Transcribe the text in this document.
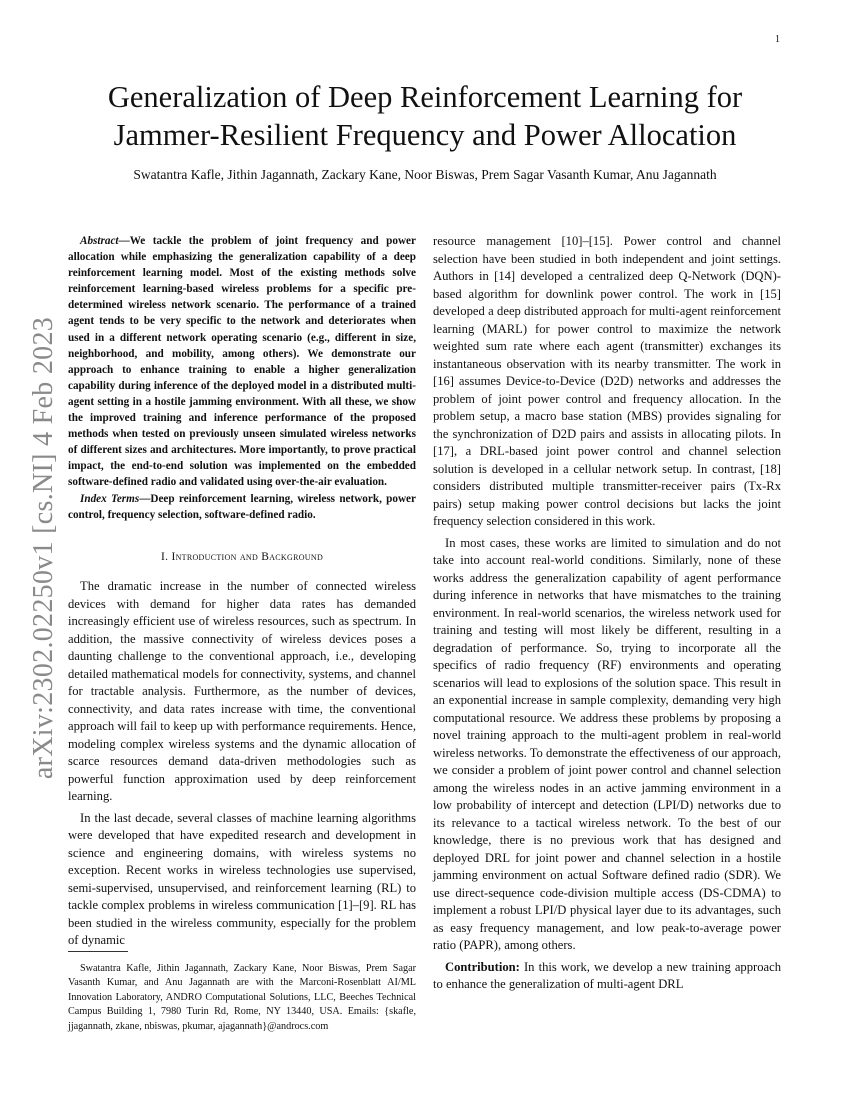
1
arXiv:2302.02250v1 [cs.NI] 4 Feb 2023
Generalization of Deep Reinforcement Learning for
Jammer-Resilient Frequency and Power Allocation
Swatantra Kafle, Jithin Jagannath, Zackary Kane, Noor Biswas, Prem Sagar Vasanth Kumar, Anu Jagannath

Abstract—We tackle the problem of joint frequency and power allocation while emphasizing the generalization capability of a deep reinforcement learning model. Most of the existing methods solve reinforcement learning-based wireless problems for a specific pre-determined wireless network scenario. The performance of a trained agent tends to be very specific to the network and deteriorates when used in a different network operating scenario (e.g., different in size, neighborhood, and mobility, among others). We demonstrate our approach to enhance training to enable a higher generalization capability during inference of the deployed model in a distributed multi-agent setting in a hostile jamming environment. With all these, we show the improved training and inference performance of the proposed methods when tested on previously unseen simulated wireless networks of different sizes and architectures. More importantly, to prove practical impact, the end-to-end solution was implemented on the embedded software-defined radio and validated using over-the-air evaluation.

Index Terms—Deep reinforcement learning, wireless network, power control, frequency selection, software-defined radio.

I. Introduction and Background

The dramatic increase in the number of connected wireless devices with demand for higher data rates has demanded increasingly efficient use of wireless resources, such as spectrum. In addition, the massive connectivity of wireless devices poses a daunting challenge to the conventional approach, i.e., developing detailed mathematical models for connectivity, systems, and channel for tractable analysis. Furthermore, as the number of devices, connectivity, and data rates increase with time, the conventional approach will fail to keep up with performance requirements. Hence, modeling complex wireless systems and the dynamic allocation of scarce resources demand data-driven methodologies such as powerful function approximation used by deep reinforcement learning.

In the last decade, several classes of machine learning algorithms were developed that have expedited research and development in science and engineering domains, with wireless systems no exception. Recent works in wireless technologies use supervised, semi-supervised, unsupervised, and reinforcement learning (RL) to tackle complex problems in wireless communication [1]–[9]. RL has been studied in the wireless community, especially for the problem of dynamic

Swatantra Kafle, Jithin Jagannath, Zackary Kane, Noor Biswas, Prem Sagar Vasanth Kumar, and Anu Jagannath are with the Marconi-Rosenblatt AI/ML Innovation Laboratory, ANDRO Computational Solutions, LLC, Beeches Technical Campus Building 1, 7980 Turin Rd, Rome, NY 13440, USA. Emails: {skafle, jjagannath, zkane, nbiswas, pkumar, ajagannath}@androcs.com

resource management [10]–[15]. Power control and channel selection have been studied in both independent and joint settings. Authors in [14] developed a centralized deep Q-Network (DQN)-based algorithm for downlink power control. The work in [15] developed a deep distributed approach for multi-agent reinforcement learning (MARL) for power control to maximize the network weighted sum rate where each agent (transmitter) exchanges its instantaneous observation with its nearby transmitter. The work in [16] assumes Device-to-Device (D2D) networks and addresses the problem of joint power control and frequency allocation. In the problem setup, a macro base station (MBS) provides signaling for the synchronization of D2D pairs and assists in allocating pilots. In [17], a DRL-based joint power control and channel selection solution is developed in a cellular network setup. In contrast, [18] considers distributed multiple transmitter-receiver pairs (Tx-Rx pairs) setup making power control decisions but lacks the joint frequency selection considered in this work.

In most cases, these works are limited to simulation and do not take into account real-world conditions. Similarly, none of these works address the generalization capability of agent performance during inference in networks that have mismatches to the training environment. In real-world scenarios, the wireless network used for training and testing will most likely be different, resulting in a degradation of performance. So, trying to incorporate all the specifics of radio frequency (RF) environments and operating scenarios will lead to explosions of the solution space. This result in an exponential increase in sample complexity, demanding very high computational resource. We address these problems by proposing a novel training approach to the multi-agent problem in real-world wireless networks. To demonstrate the effectiveness of our approach, we consider a problem of joint power control and channel selection among the wireless nodes in an active jamming environment in a low probability of intercept and detection (LPI/D) networks due to its relevance to a tactical wireless network. To the best of our knowledge, there is no previous work that has designed and deployed DRL for joint power and channel selection in a hostile jamming environment on actual Software defined radio (SDR). We use direct-sequence code-division multiple access (DS-CDMA) to implement a robust LPI/D physical layer due to its advantages, such as easy frequency management, and low peak-to-average power ratio (PAPR), among others.

Contribution: In this work, we develop a new training approach to enhance the generalization of multi-agent DRL
